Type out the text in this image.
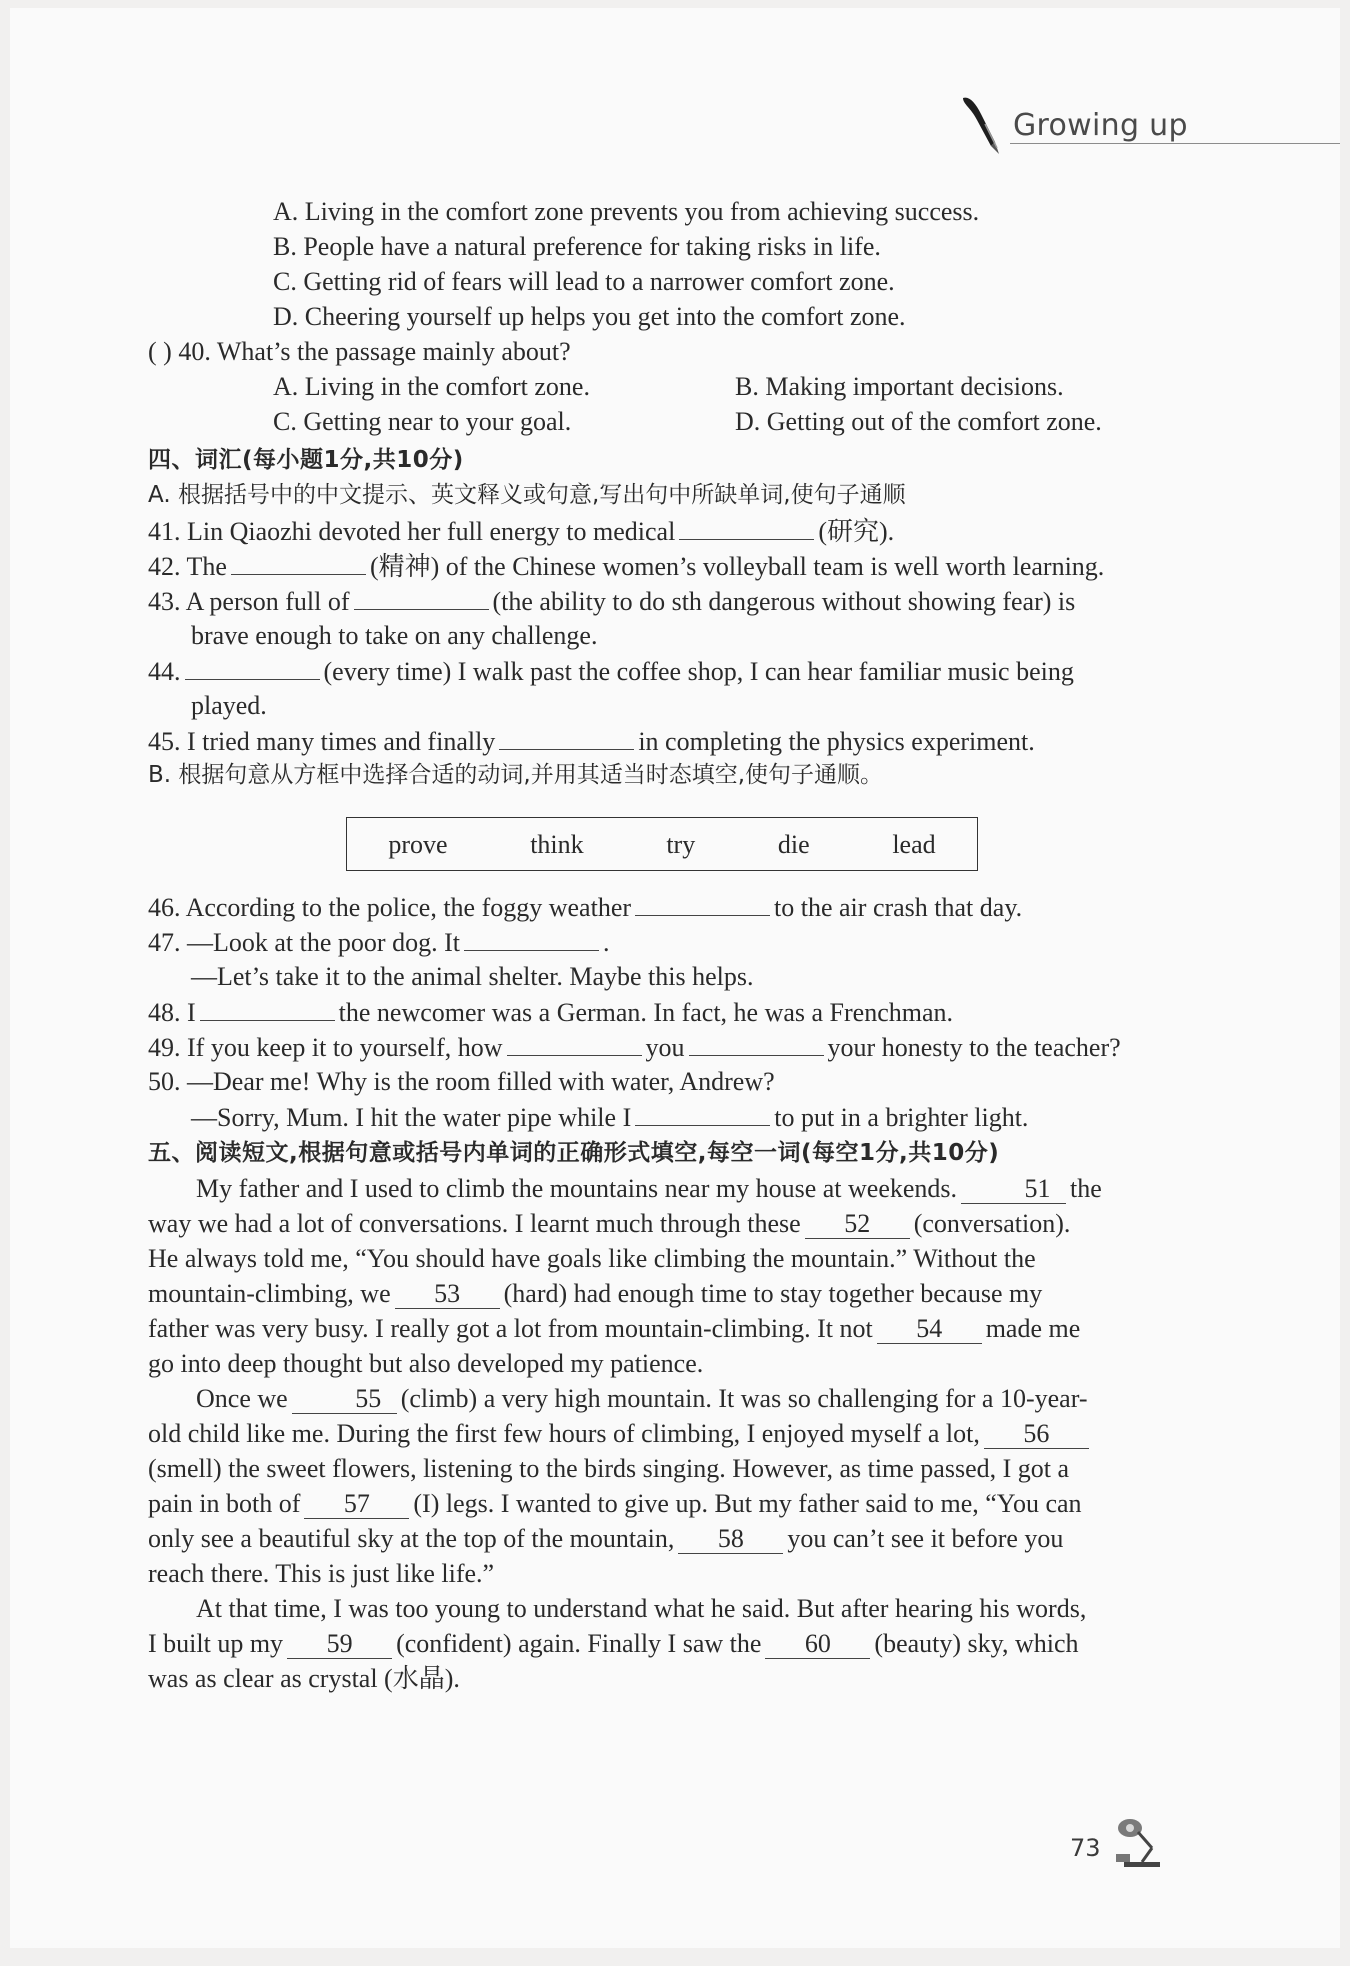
Growing up
A. Living in the comfort zone prevents you from achieving success.
B. People have a natural preference for taking risks in life.
C. Getting rid of fears will lead to a narrower comfort zone.
D. Cheering yourself up helps you get into the comfort zone.
( ) 40. What’s the passage mainly about?
A. Living in the comfort zone.	B. Making important decisions.
C. Getting near to your goal.	D. Getting out of the comfort zone.
四、词汇(每小题1分,共10分)
A. 根据括号中的中文提示、英文释义或句意,写出句中所缺单词,使句子通顺
41. Lin Qiaozhi devoted her full energy to medical	(研究).
42. The	(精神) of the Chinese women’s volleyball team is well worth learning.
43. A person full of	(the ability to do sth dangerous without showing fear) is
brave enough to take on any challenge.
44.	(every time) I walk past the coffee shop, I can hear familiar music being
played.
45. I tried many times and finally	in completing the physics experiment.
B. 根据句意从方框中选择合适的动词,并用其适当时态填空,使句子通顺。
prove	think	try	die	lead
46. According to the police, the foggy weather	to the air crash that day.
47. —Look at the poor dog. It	.
—Let’s take it to the animal shelter. Maybe this helps.
48. I	the newcomer was a German. In fact, he was a Frenchman.
49. If you keep it to yourself, how	you	your honesty to the teacher?
50. —Dear me! Why is the room filled with water, Andrew?
—Sorry, Mum. I hit the water pipe while I	to put in a brighter light.
五、阅读短文,根据句意或括号内单词的正确形式填空,每空一词(每空1分,共10分)
My father and I used to climb the mountains near my house at weekends.	51 the
way we had a lot of conversations. I learnt much through these 52 (conversation).
He always told me, “You should have goals like climbing the mountain.” Without the
mountain-climbing, we 53 (hard) had enough time to stay together because my
father was very busy. I really got a lot from mountain-climbing. It not 54 made me
go into deep thought but also developed my patience.
Once we	55 (climb) a very high mountain. It was so challenging for a 10-year-
old child like me. During the first few hours of climbing, I enjoyed myself a lot, 56
(smell) the sweet flowers, listening to the birds singing. However, as time passed, I got a
pain in both of 57 (I) legs. I wanted to give up. But my father said to me, “You can
only see a beautiful sky at the top of the mountain, 58 you can’t see it before you
reach there. This is just like life.”
At that time, I was too young to understand what he said. But after hearing his words,
I built up my 59 (confident) again. Finally I saw the 60 (beauty) sky, which
was as clear as crystal (水晶).
73
